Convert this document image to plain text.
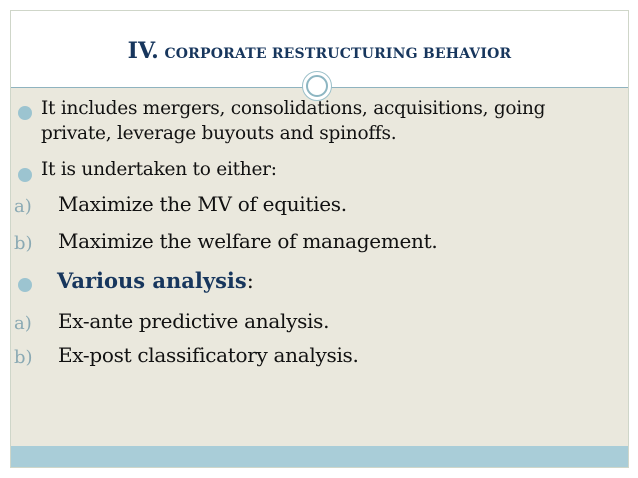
IV. CORPORATE RESTRUCTURING BEHAVIOR
It includes mergers, consolidations, acquisitions, going
private, leverage buyouts and spinoffs.
It is undertaken to either:
a) Maximize the MV of equities.
b) Maximize the welfare of management.
Various analysis:
a) Ex-ante predictive analysis.
b) Ex-post classificatory analysis.
